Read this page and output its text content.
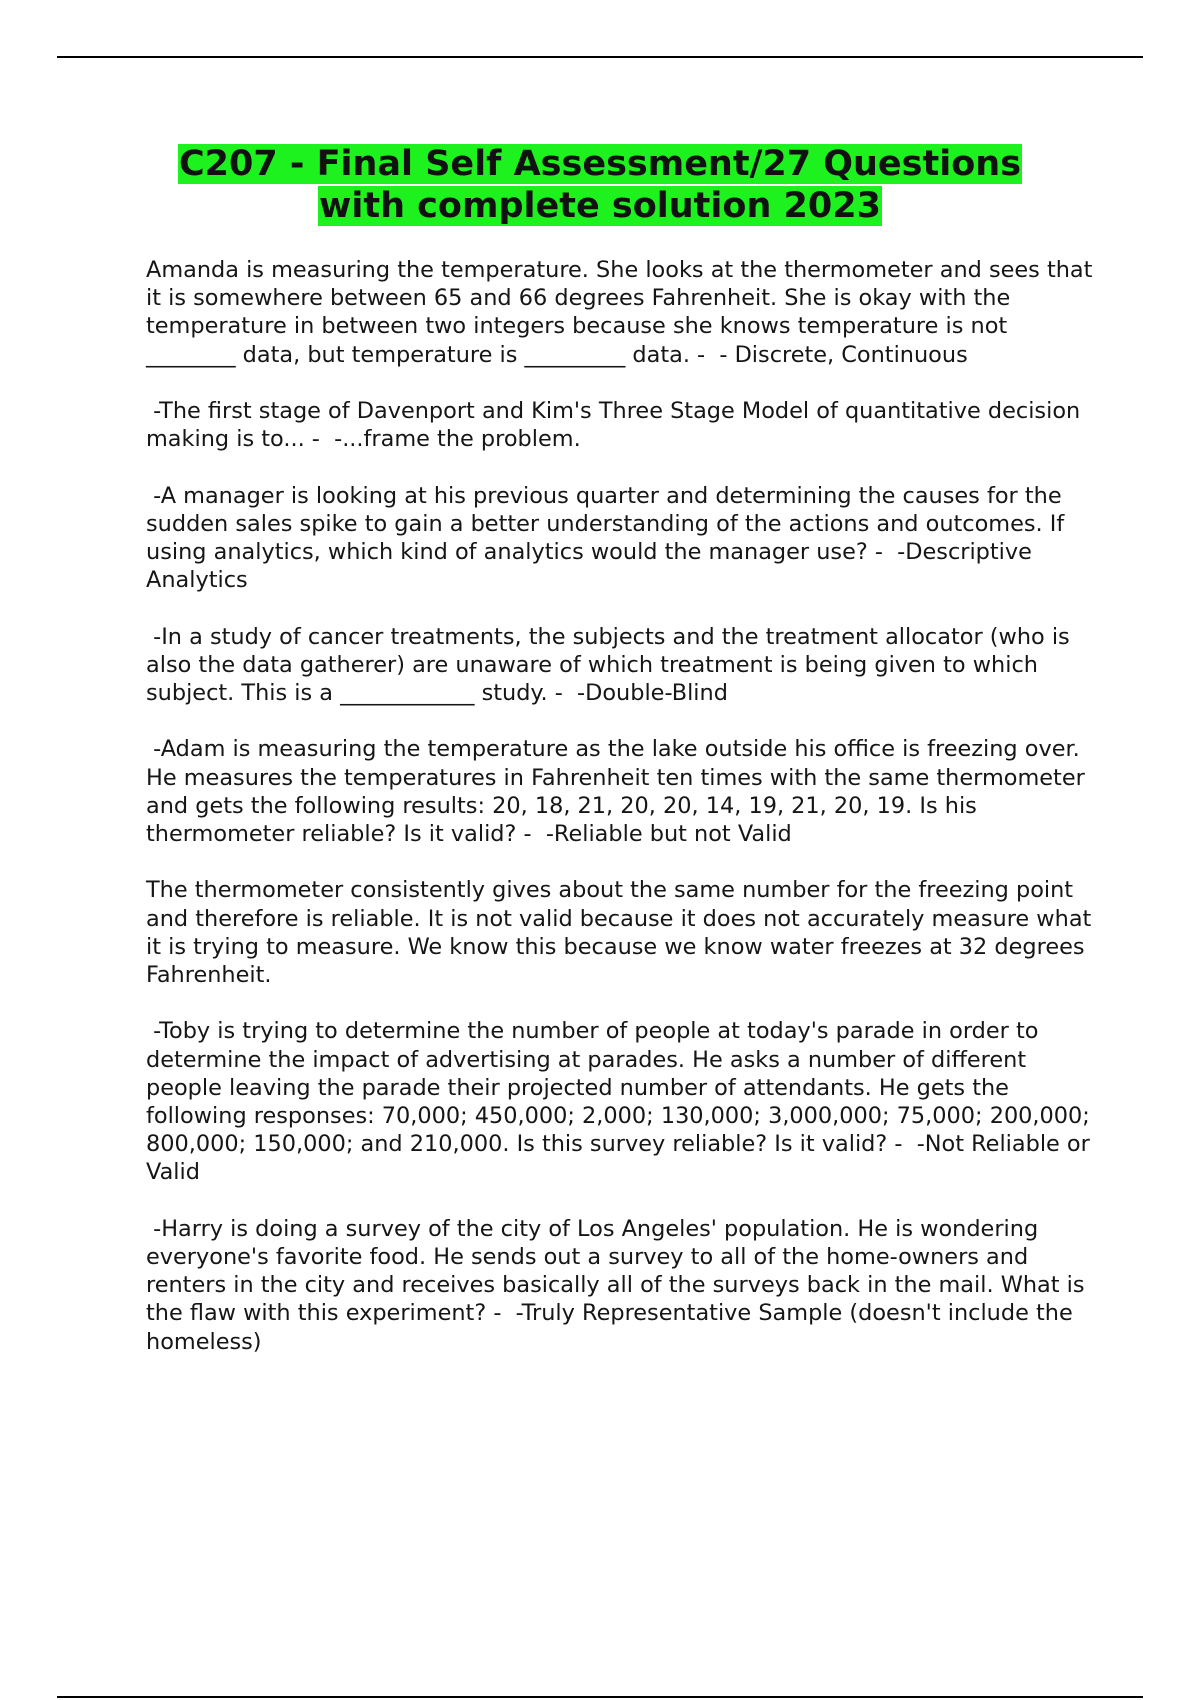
C207 - Final Self Assessment/27 Questions
with complete solution 2023

Amanda is measuring the temperature. She looks at the thermometer and sees that it is somewhere between 65 and 66 degrees Fahrenheit. She is okay with the temperature in between two integers because she knows temperature is not ________ data, but temperature is _________ data. -  - Discrete, Continuous

-The first stage of Davenport and Kim's Three Stage Model of quantitative decision making is to... -  -...frame the problem.

-A manager is looking at his previous quarter and determining the causes for the sudden sales spike to gain a better understanding of the actions and outcomes. If using analytics, which kind of analytics would the manager use? -  -Descriptive Analytics

-In a study of cancer treatments, the subjects and the treatment allocator (who is also the data gatherer) are unaware of which treatment is being given to which subject. This is a ____________ study. -  -Double-Blind

-Adam is measuring the temperature as the lake outside his office is freezing over. He measures the temperatures in Fahrenheit ten times with the same thermometer and gets the following results: 20, 18, 21, 20, 20, 14, 19, 21, 20, 19. Is his thermometer reliable? Is it valid? -  -Reliable but not Valid

The thermometer consistently gives about the same number for the freezing point and therefore is reliable. It is not valid because it does not accurately measure what it is trying to measure. We know this because we know water freezes at 32 degrees Fahrenheit.

-Toby is trying to determine the number of people at today's parade in order to determine the impact of advertising at parades. He asks a number of different people leaving the parade their projected number of attendants. He gets the following responses: 70,000; 450,000; 2,000; 130,000; 3,000,000; 75,000; 200,000; 800,000; 150,000; and 210,000. Is this survey reliable? Is it valid? -  -Not Reliable or Valid

-Harry is doing a survey of the city of Los Angeles' population. He is wondering everyone's favorite food. He sends out a survey to all of the home-owners and renters in the city and receives basically all of the surveys back in the mail. What is the flaw with this experiment? -  -Truly Representative Sample (doesn't include the homeless)
